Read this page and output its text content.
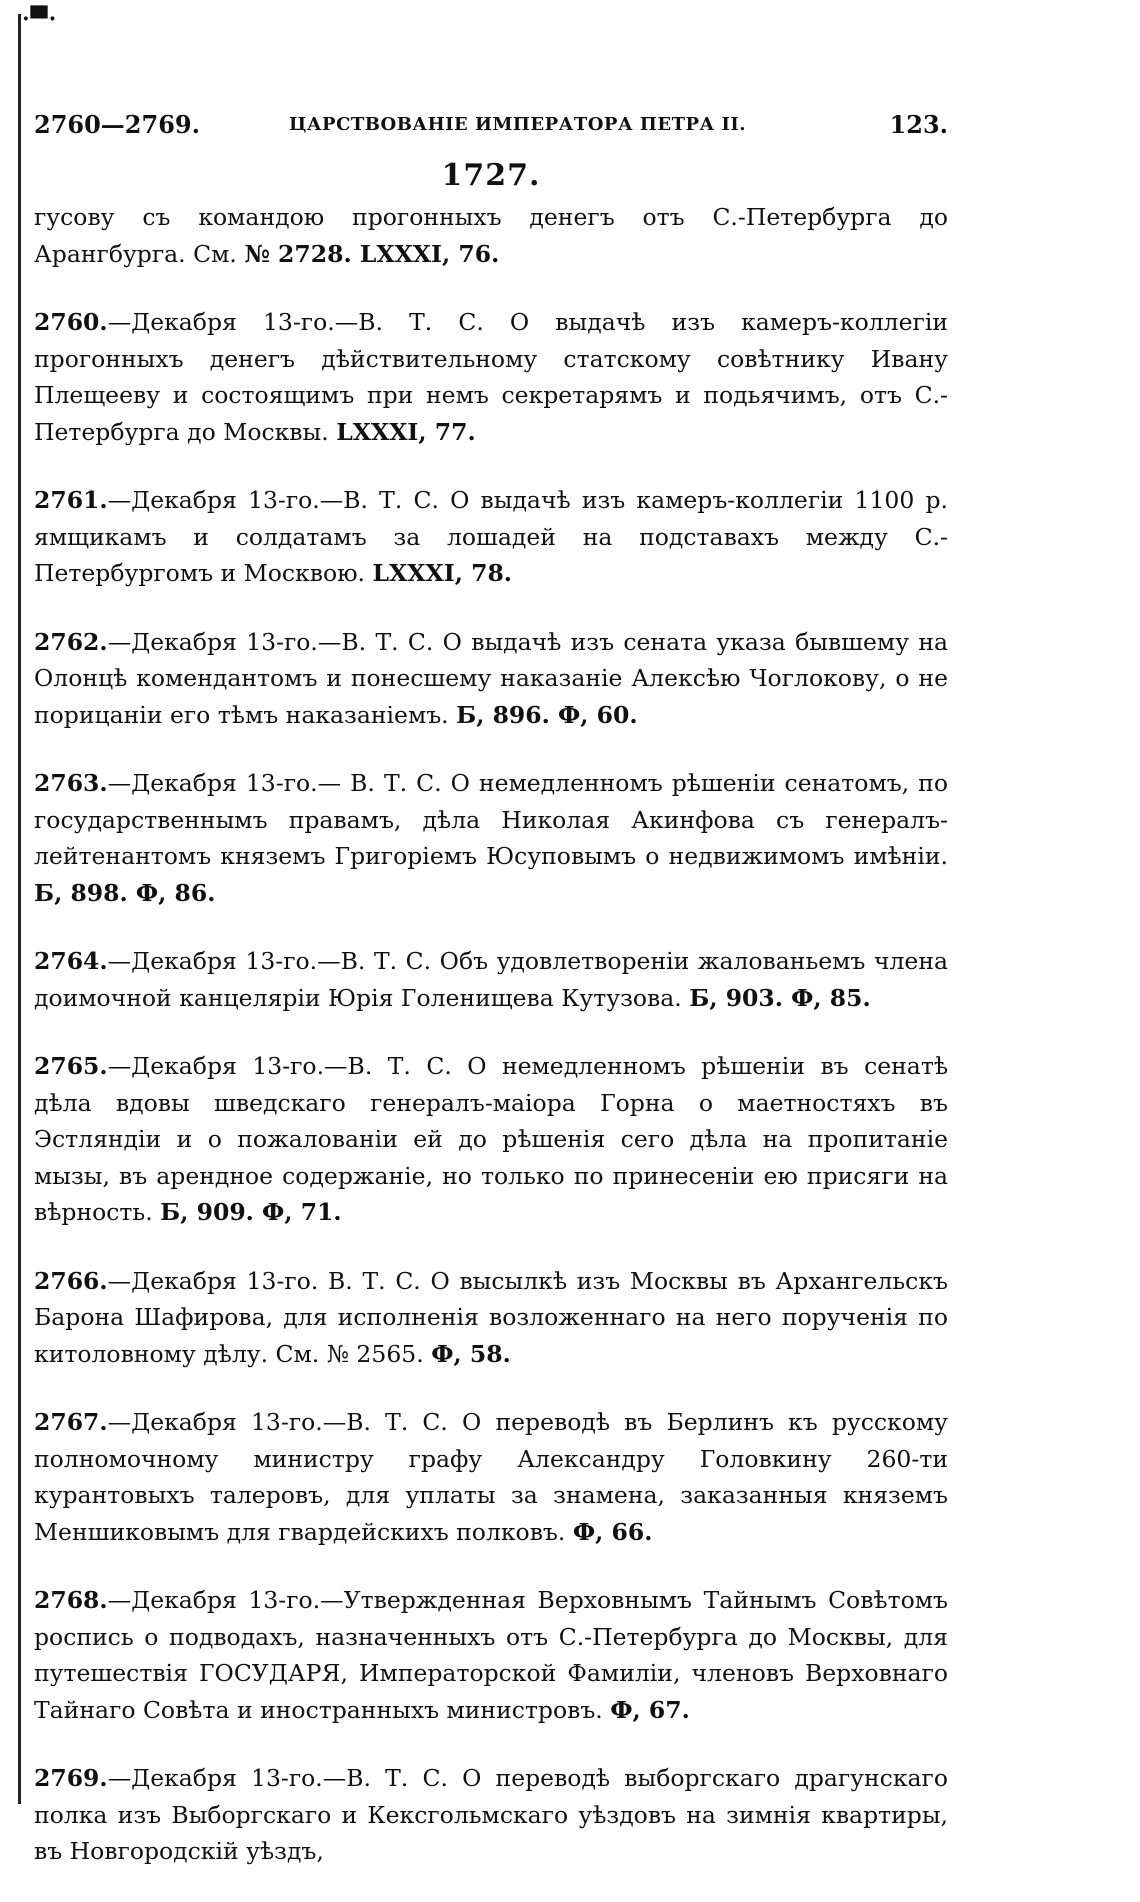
·▀·
2760—2769.	ЦАРСТВОВАНІЕ ИМПЕРАТОРА ПЕТРА II.	123.
1727.

гусову съ командою прогонныхъ денегъ отъ С.-Петербурга до Арангбурга. См. № 2728. LXXXI, 76.

2760.—Декабря 13-го.—В. Т. С. О выдачѣ изъ камеръ-коллегіи прогонныхъ денегъ дѣйствительному статскому совѣтнику Ивану Плещееву и состоящимъ при немъ секретарямъ и подьячимъ, отъ С.-Петербурга до Москвы. LXXXI, 77.

2761.—Декабря 13-го.—В. Т. С. О выдачѣ изъ камеръ-коллегіи 1100 р. ямщикамъ и солдатамъ за лошадей на подставахъ между С.-Петербургомъ и Москвою. LXXXI, 78.

2762.—Декабря 13-го.—В. Т. С. О выдачѣ изъ сената указа бывшему на Олонцѣ комендантомъ и понесшему наказаніе Алексѣю Чоглокову, о не порицаніи его тѣмъ наказаніемъ. Б, 896. Ф, 60.

2763.—Декабря 13-го.— В. Т. С. О немедленномъ рѣшеніи сенатомъ, по государственнымъ правамъ, дѣла Николая Акинфова съ генералъ-лейтенантомъ княземъ Григоріемъ Юсуповымъ о недвижимомъ имѣніи. Б, 898. Ф, 86.

2764.—Декабря 13-го.—В. Т. С. Объ удовлетвореніи жалованьемъ члена доимочной канцеляріи Юрія Голенищева Кутузова. Б, 903. Ф, 85.

2765.—Декабря 13-го.—В. Т. С. О немедленномъ рѣшеніи въ сенатѣ дѣла вдовы шведскаго генералъ-маіора Горна о маетностяхъ въ Эстляндіи и о пожалованіи ей до рѣшенія сего дѣла на пропитаніе мызы, въ арендное содержаніе, но только по принесеніи ею присяги на вѣрность. Б, 909. Ф, 71.

2766.—Декабря 13-го. В. Т. С. О высылкѣ изъ Москвы въ Архангельскъ Барона Шафирова, для исполненія возложеннаго на него порученія по китоловному дѣлу. См. № 2565. Ф, 58.

2767.—Декабря 13-го.—В. Т. С. О переводѣ въ Берлинъ къ русскому полномочному министру графу Александру Головкину 260-ти курантовыхъ талеровъ, для уплаты за знамена, заказанныя княземъ Меншиковымъ для гвардейскихъ полковъ. Ф, 66.

2768.—Декабря 13-го.—Утвержденная Верховнымъ Тайнымъ Совѣтомъ роспись о подводахъ, назначенныхъ отъ С.-Петербурга до Москвы, для путешествія ГОСУДАРЯ, Императорской Фамиліи, членовъ Верховнаго Тайнаго Совѣта и иностранныхъ министровъ. Ф, 67.

2769.—Декабря 13-го.—В. Т. С. О переводѣ выборгскаго драгунскаго полка изъ Выборгскаго и Кексгольмскаго уѣздовъ на зимнія квартиры, въ Новгородскій уѣздъ,
